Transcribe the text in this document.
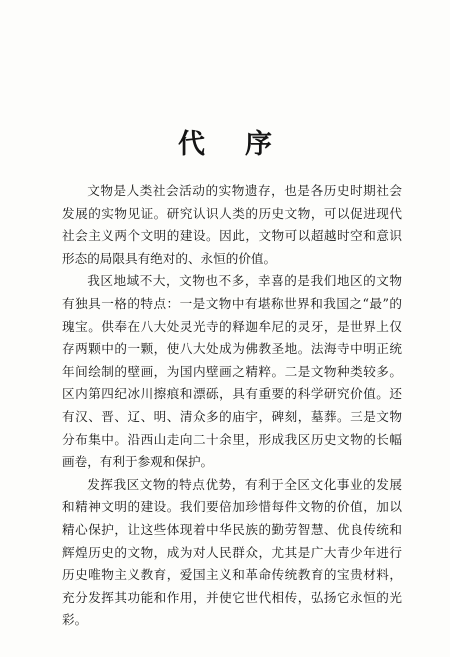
代 序

文物是人类社会活动的实物遗存，也是各历史时期社会发展的实物见证。研究认识人类的历史文物，可以促进现代社会主义两个文明的建设。因此，文物可以超越时空和意识形态的局限具有绝对的、永恒的价值。

我区地域不大，文物也不多，幸喜的是我们地区的文物有独具一格的特点：一是文物中有堪称世界和我国之“最”的瑰宝。供奉在八大处灵光寺的释迦牟尼的灵牙，是世界上仅存两颗中的一颗，使八大处成为佛教圣地。法海寺中明正统年间绘制的壁画，为国内壁画之精粹。二是文物种类较多。区内第四纪冰川擦痕和漂砾，具有重要的科学研究价值。还有汉、晋、辽、明、清众多的庙宇，碑刻，墓葬。三是文物分布集中。沿西山走向二十余里，形成我区历史文物的长幅画卷，有利于参观和保护。

发挥我区文物的特点优势，有利于全区文化事业的发展和精神文明的建设。我们要倍加珍惜每件文物的价值，加以精心保护，让这些体现着中华民族的勤劳智慧、优良传统和辉煌历史的文物，成为对人民群众，尤其是广大青少年进行历史唯物主义教育，爱国主义和革命传统教育的宝贵材料，充分发挥其功能和作用，并使它世代相传，弘扬它永恒的光彩。
